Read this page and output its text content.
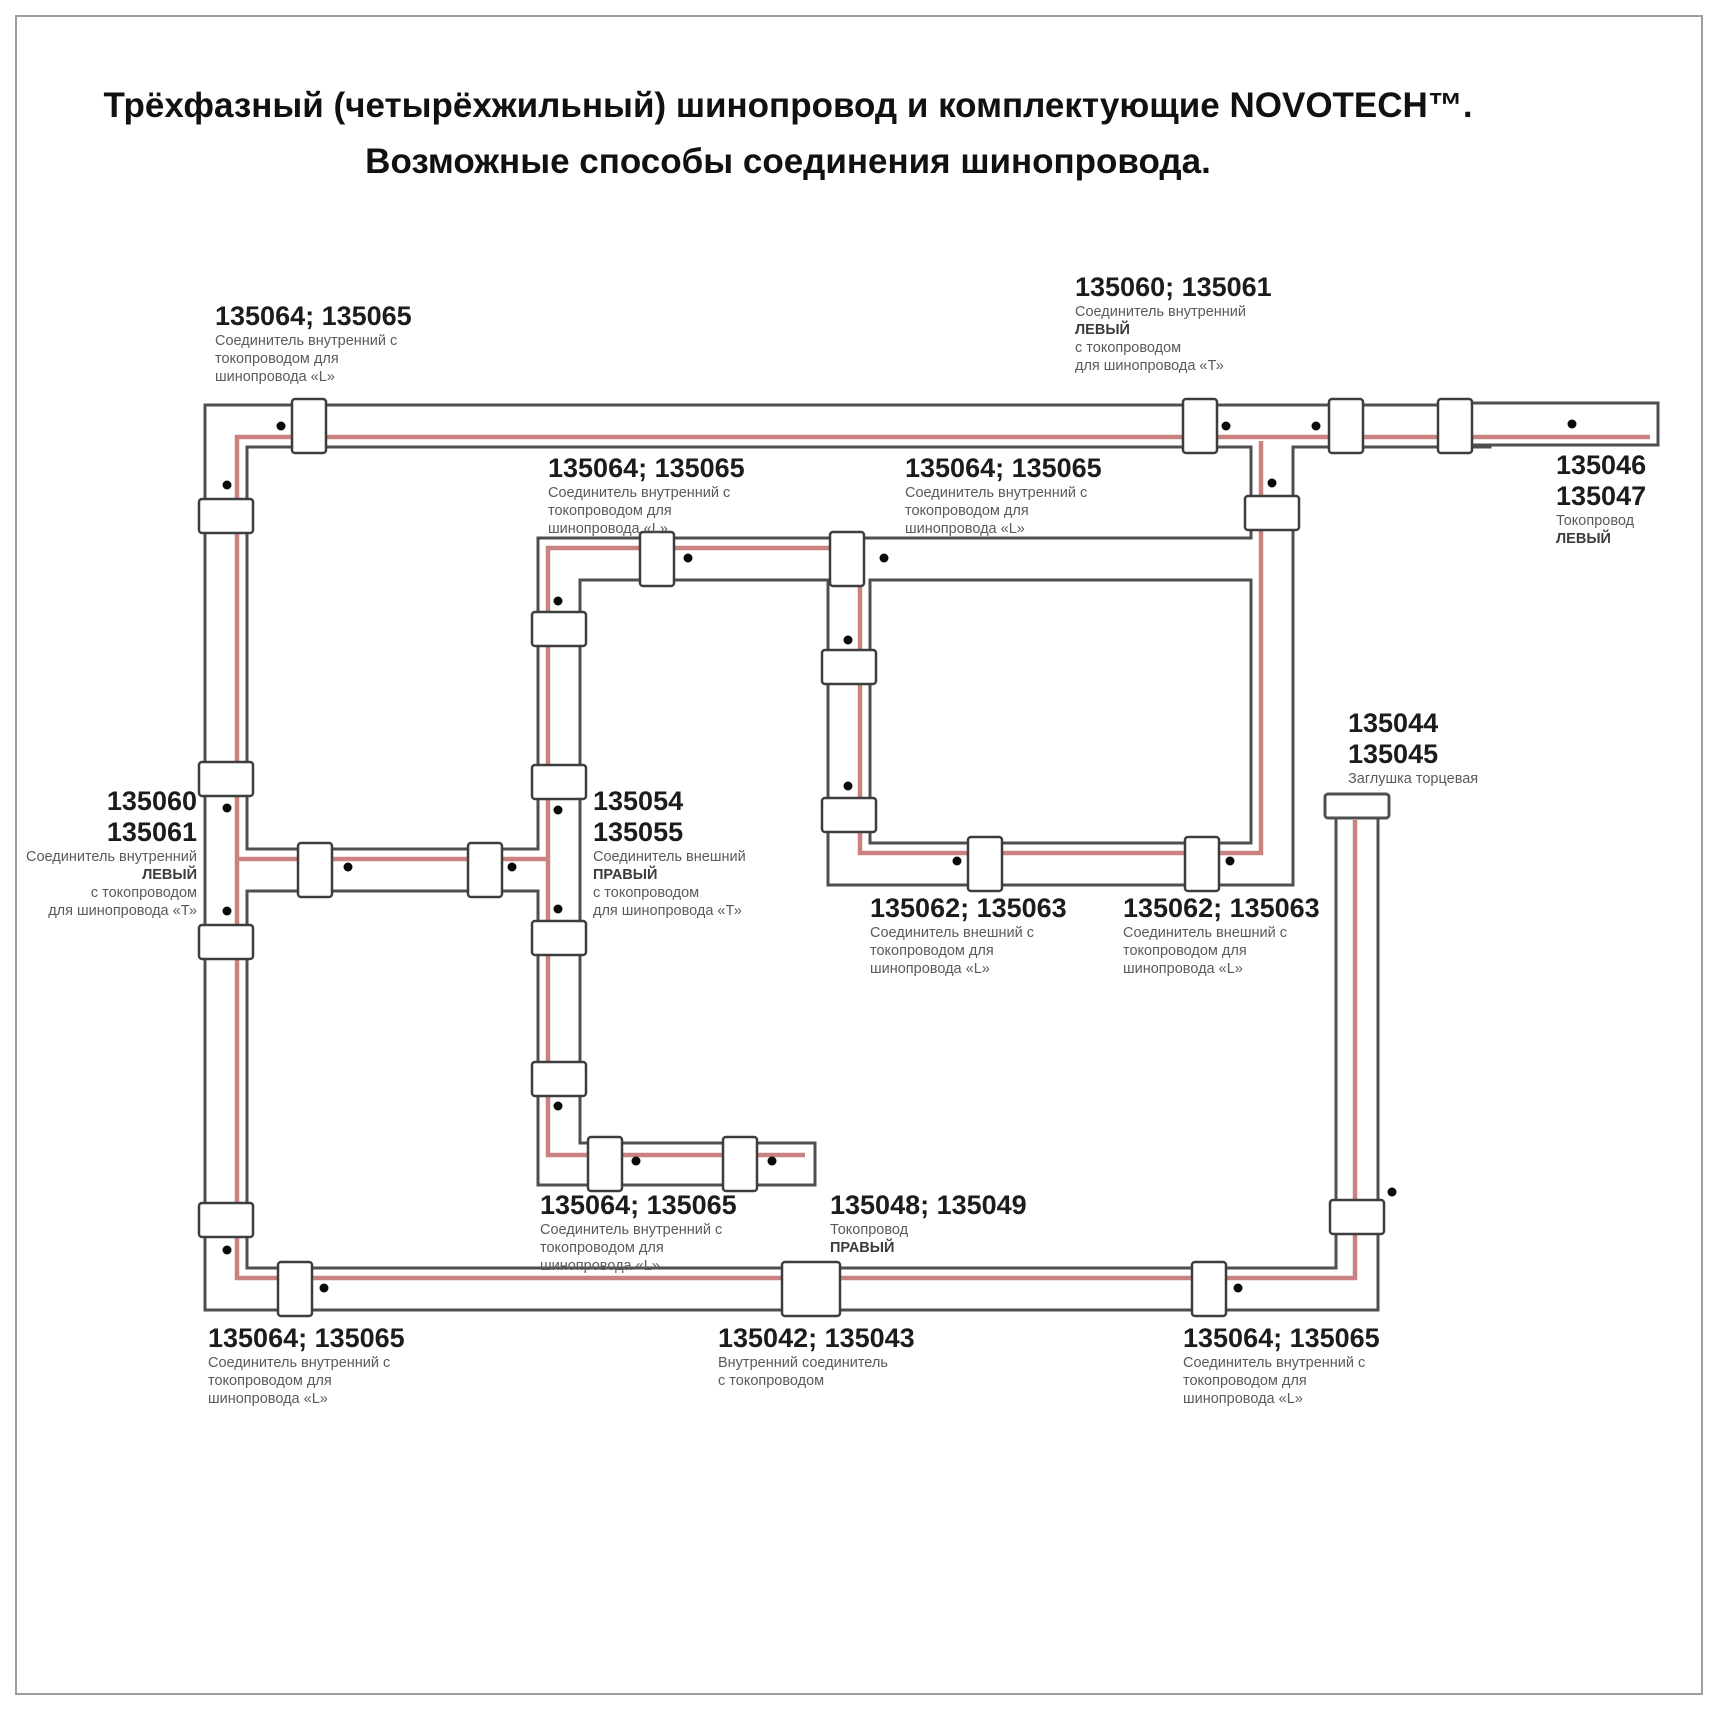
Трёхфазный (четырёхжильный) шинопровод и комплектующие NOVOTECH™.
Возможные способы соединения шинопровода.
135064; 135065
Соединитель внутренний с
токопроводом для
шинопровода «L»
135060; 135061
Соединитель внутренний
ЛЕВЫЙ
с токопроводом
для шинопровода «Т»
135046
135047
Токопровод
ЛЕВЫЙ
135064; 135065
Соединитель внутренний с
токопроводом для
шинопровода «L»
135064; 135065
Соединитель внутренний с
токопроводом для
шинопровода «L»
135060
135061
Соединитель внутренний
ЛЕВЫЙ
с токопроводом
для шинопровода «Т»
135054
135055
Соединитель внешний
ПРАВЫЙ
с токопроводом
для шинопровода «Т»	135062; 135063
Соединитель внешний с
токопроводом для
шинопровода «L»
135062; 135063
Соединитель внешний с
токопроводом для
шинопровода «L»
135044
135045
Заглушка торцевая
135064; 135065
Соединитель внутренний с
токопроводом для
шинопровода «L»
135048; 135049
Токопровод
ПРАВЫЙ
135064; 135065
Соединитель внутренний с
токопроводом для
шинопровода «L»
135042; 135043
Внутренний соединитель
с токопроводом
135064; 135065
Соединитель внутренний с
токопроводом для
шинопровода «L»
